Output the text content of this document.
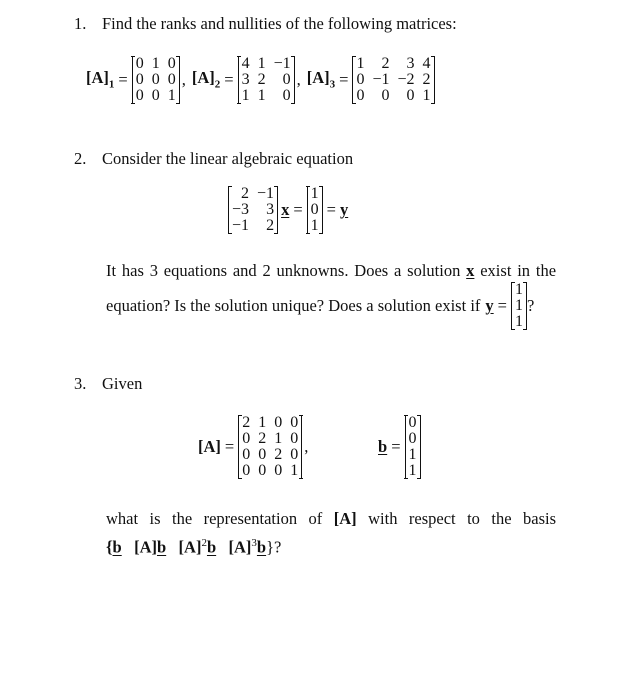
1. Find the ranks and nullities of the following matrices:
$[A]_1$ =
0 1 0
0 0 0
0 0 1
, $[A]_2$ =
4 1 −1
3 2	0
1 1	0
, $[A]_3$ =
1	2	3 4
0 −1 −2 2
0	0	0 1
2. Consider the linear algebraic equation
2 −1
−3	3
−1	2
x =
1
0
1
= y
It has 3 equations and 2 unknowns. Does a solution x exist in the
equation? Is the solution unique? Does a solution exist if y =
1
1
1
?
3. Given
[A] =
2 1 0 0
0 2 1 0
0 0 2 0
0 0 0 1
,	b =
0
0
1
1
what is the representation of [A] with respect to the basis
{b [A]b $[A]^2b$ $[A]^3b$}?
